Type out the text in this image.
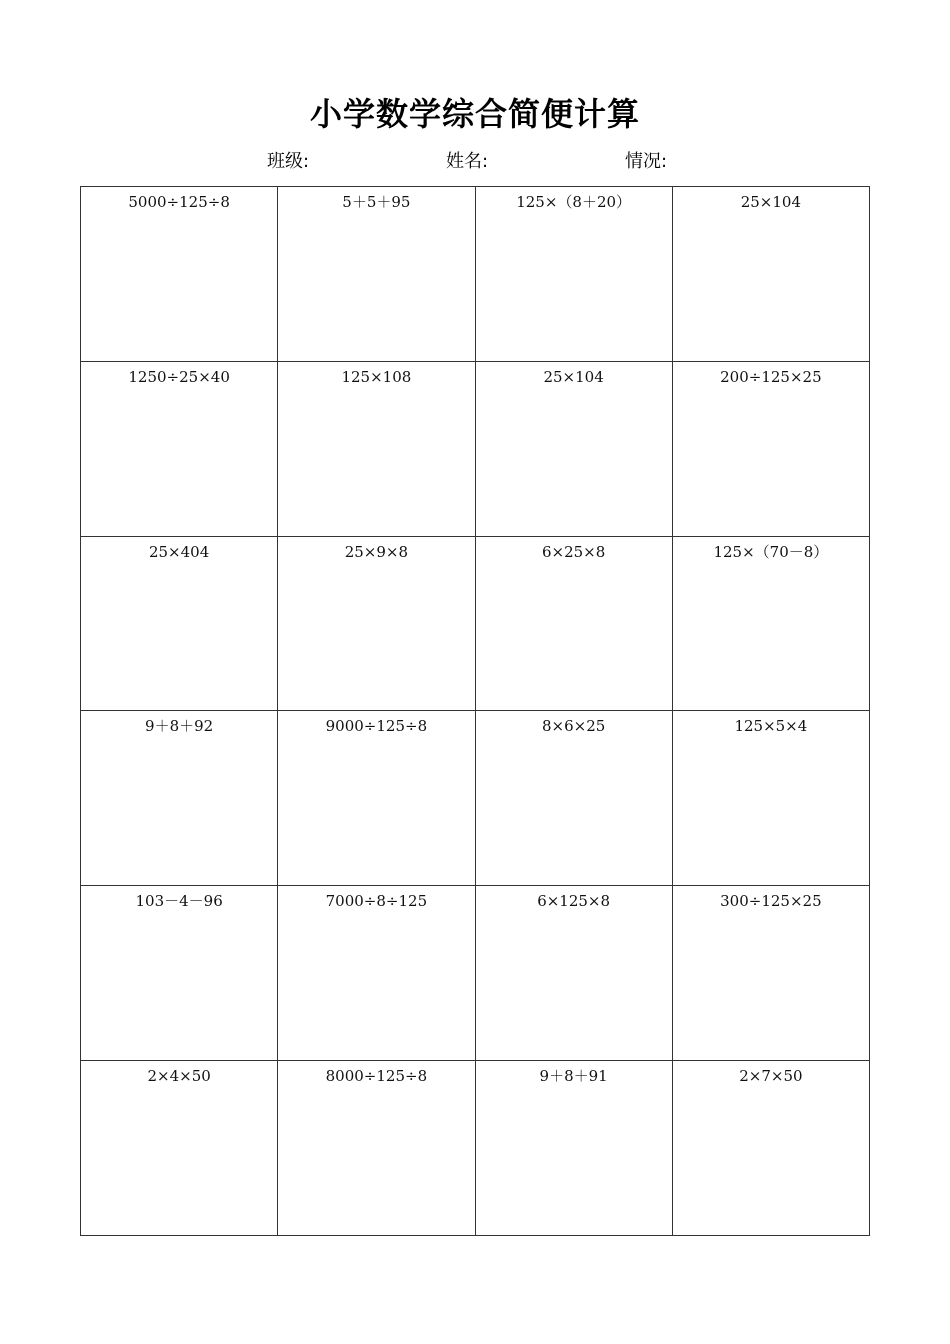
小学数学综合简便计算
班级:	姓名:	情况:
5000÷125÷8	5＋5＋95	125×（8＋20）	25×104
1250÷25×40	125×108	25×104	200÷125×25
25×404	25×9×8	6×25×8	125×（70－8）
9＋8＋92	9000÷125÷8	8×6×25	125×5×4
103－4－96	7000÷8÷125	6×125×8	300÷125×25
2×4×50	8000÷125÷8	9＋8＋91	2×7×50
